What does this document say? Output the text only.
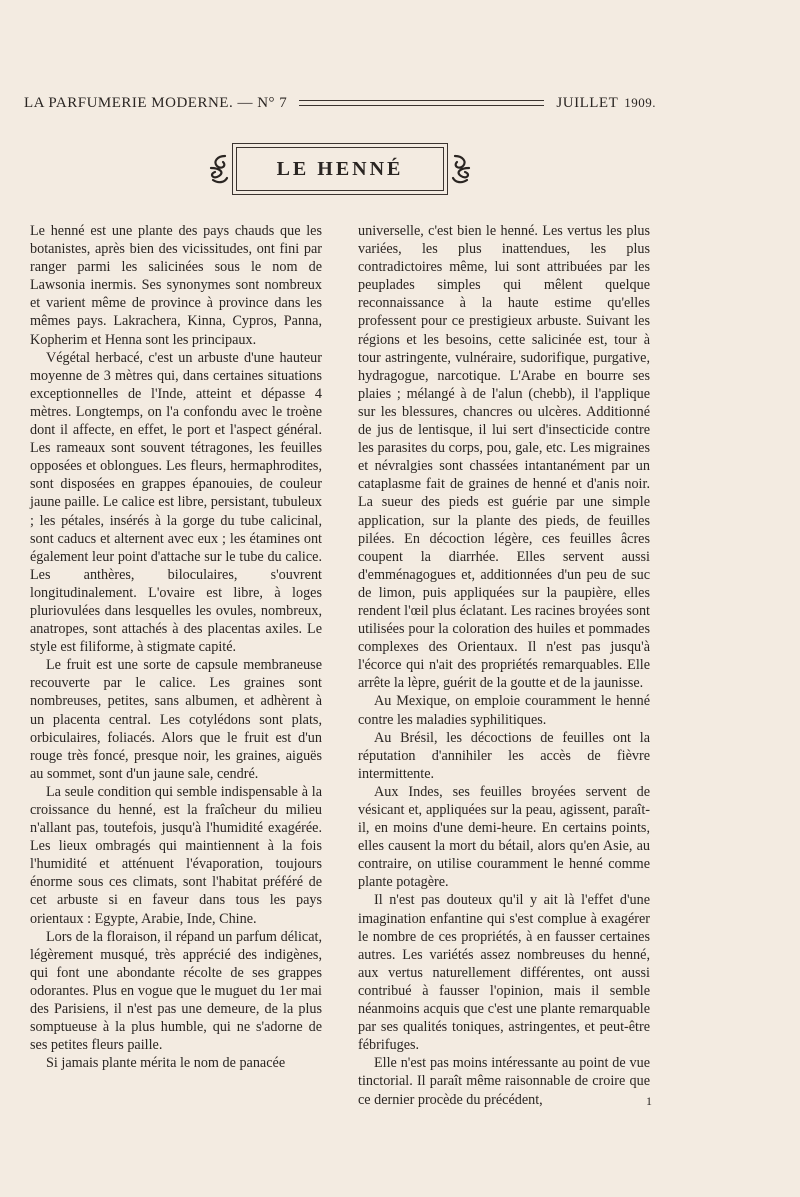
LA PARFUMERIE MODERNE. — N° 7	JUILLET 1909.
LE HENNÉ

Le henné est une plante des pays chauds que les botanistes, après bien des vicissitudes, ont fini par ranger parmi les salicinées sous le nom de Lawsonia inermis. Ses synonymes sont nombreux et varient même de province à province dans les mêmes pays. Lakrachera, Kinna, Cypros, Panna, Kopherim et Henna sont les principaux.

Végétal herbacé, c'est un arbuste d'une hauteur moyenne de 3 mètres qui, dans certaines situations exceptionnelles de l'Inde, atteint et dépasse 4 mètres. Longtemps, on l'a confondu avec le troène dont il affecte, en effet, le port et l'aspect général. Les rameaux sont souvent tétragones, les feuilles opposées et oblongues. Les fleurs, hermaphrodites, sont disposées en grappes épanouies, de couleur jaune paille. Le calice est libre, persistant, tubuleux ; les pétales, insérés à la gorge du tube calicinal, sont caducs et alternent avec eux ; les étamines ont également leur point d'attache sur le tube du calice. Les anthères, biloculaires, s'ouvrent longitudinalement. L'ovaire est libre, à loges pluriovulées dans lesquelles les ovules, nombreux, anatropes, sont attachés à des placentas axiles. Le style est filiforme, à stigmate capité.

Le fruit est une sorte de capsule membraneuse recouverte par le calice. Les graines sont nombreuses, petites, sans albumen, et adhèrent à un placenta central. Les cotylédons sont plats, orbiculaires, foliacés. Alors que le fruit est d'un rouge très foncé, presque noir, les graines, aiguës au sommet, sont d'un jaune sale, cendré.

La seule condition qui semble indispensable à la croissance du henné, est la fraîcheur du milieu n'allant pas, toutefois, jusqu'à l'humidité exagérée. Les lieux ombragés qui maintiennent à la fois l'humidité et atténuent l'évaporation, toujours énorme sous ces climats, sont l'habitat préféré de cet arbuste si en faveur dans tous les pays orientaux : Egypte, Arabie, Inde, Chine.

Lors de la floraison, il répand un parfum délicat, légèrement musqué, très apprécié des indigènes, qui font une abondante récolte de ses grappes odorantes. Plus en vogue que le muguet du 1er mai des Parisiens, il n'est pas une demeure, de la plus somptueuse à la plus humble, qui ne s'adorne de ses petites fleurs paille.

Si jamais plante mérita le nom de panacée

universelle, c'est bien le henné. Les vertus les plus variées, les plus inattendues, les plus contradictoires même, lui sont attribuées par les peuplades simples qui mêlent quelque reconnaissance à la haute estime qu'elles professent pour ce prestigieux arbuste. Suivant les régions et les besoins, cette salicinée est, tour à tour astringente, vulnéraire, sudorifique, purgative, hydragogue, narcotique. L'Arabe en bourre ses plaies ; mélangé à de l'alun (chebb), il l'applique sur les blessures, chancres ou ulcères. Additionné de jus de lentisque, il lui sert d'insecticide contre les parasites du corps, pou, gale, etc. Les migraines et névralgies sont chassées intantanément par un cataplasme fait de graines de henné et d'anis noir. La sueur des pieds est guérie par une simple application, sur la plante des pieds, de feuilles pilées. En décoction légère, ces feuilles âcres coupent la diarrhée. Elles servent aussi d'emménagogues et, additionnées d'un peu de suc de limon, puis appliquées sur la paupière, elles rendent l'œil plus éclatant. Les racines broyées sont utilisées pour la coloration des huiles et pommades complexes des Orientaux. Il n'est pas jusqu'à l'écorce qui n'ait des propriétés remarquables. Elle arrête la lèpre, guérit de la goutte et de la jaunisse.

Au Mexique, on emploie couramment le henné contre les maladies syphilitiques.

Au Brésil, les décoctions de feuilles ont la réputation d'annihiler les accès de fièvre intermittente.

Aux Indes, ses feuilles broyées servent de vésicant et, appliquées sur la peau, agissent, paraît-il, en moins d'une demi-heure. En certains points, elles causent la mort du bétail, alors qu'en Asie, au contraire, on utilise couramment le henné comme plante potagère.

Il n'est pas douteux qu'il y ait là l'effet d'une imagination enfantine qui s'est complue à exagérer le nombre de ces propriétés, à en fausser certaines autres. Les variétés assez nombreuses du henné, aux vertus naturellement différentes, ont aussi contribué à fausser l'opinion, mais il semble néanmoins acquis que c'est une plante remarquable par ses qualités toniques, astringentes, et peut-être fébrifuges.

Elle n'est pas moins intéressante au point de vue tinctorial. Il paraît même raisonnable de croire que ce dernier procède du précédent,	1
